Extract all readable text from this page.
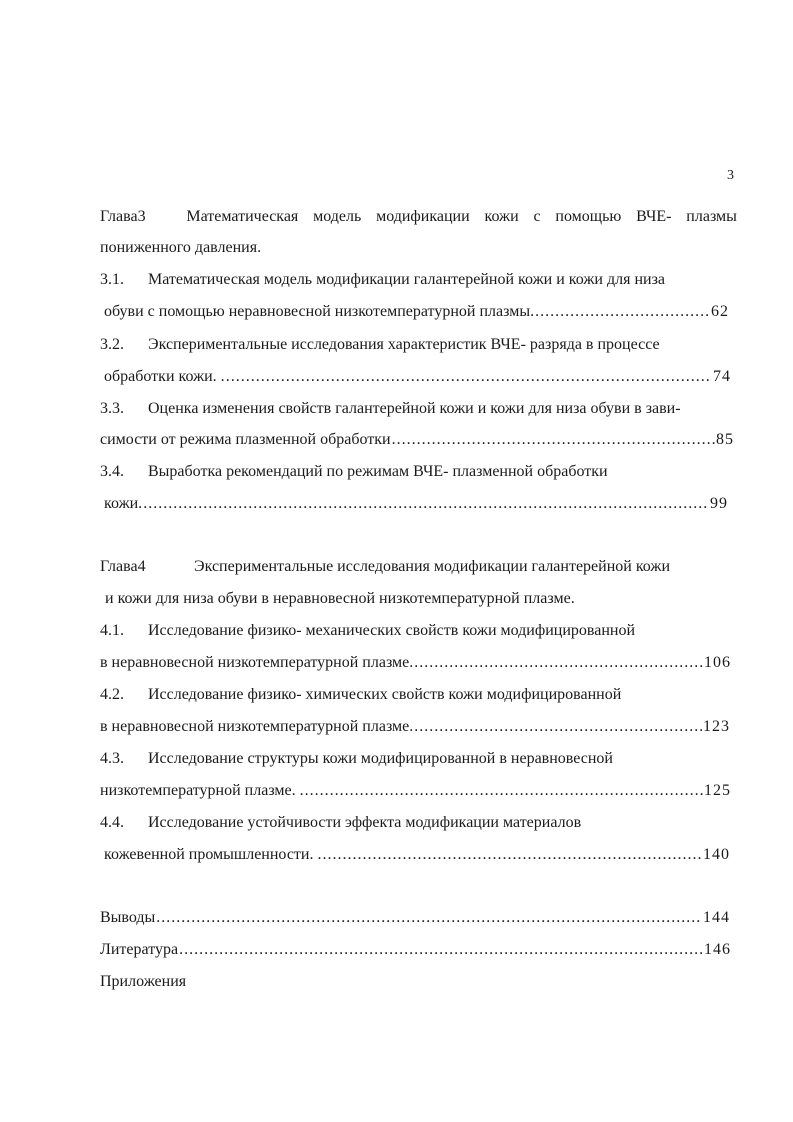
3
Глава3	Математическая модель модификации кожи с помощью ВЧЕ- плазмы
пониженного давления.
3.1. Математическая модель модификации галантерейной кожи и кожи для низа
обуви с помощью неравновесной низкотемпературной плазмы. .....	62
3.2. Экспериментальные исследования характеристик ВЧЕ- разряда в процессе
обработки кожи. . .....	74
3.3. Оценка изменения свойств галантерейной кожи и кожи для низа обуви в зави-
симости от режима плазменной обработки .....	85
3.4. Выработка рекомендаций по режимам ВЧЕ- плазменной обработки
кожи. .....	99
Глава4	Экспериментальные исследования модификации галантерейной кожи
и кожи для низа обуви в неравновесной низкотемпературной плазме.
4.1. Исследование физико- механических свойств кожи модифицированной
в неравновесной низкотемпературной плазме. .....	106
4.2. Исследование физико- химических свойств кожи модифицированной
в неравновесной низкотемпературной плазме. .....	123
4.3. Исследование структуры кожи модифицированной в неравновесной
низкотемпературной плазме. . .....	125
4.4. Исследование устойчивости эффекта модификации материалов
кожевенной промышленности. . .....	140
Выводы .....	144
Литература .....	146
Приложения
